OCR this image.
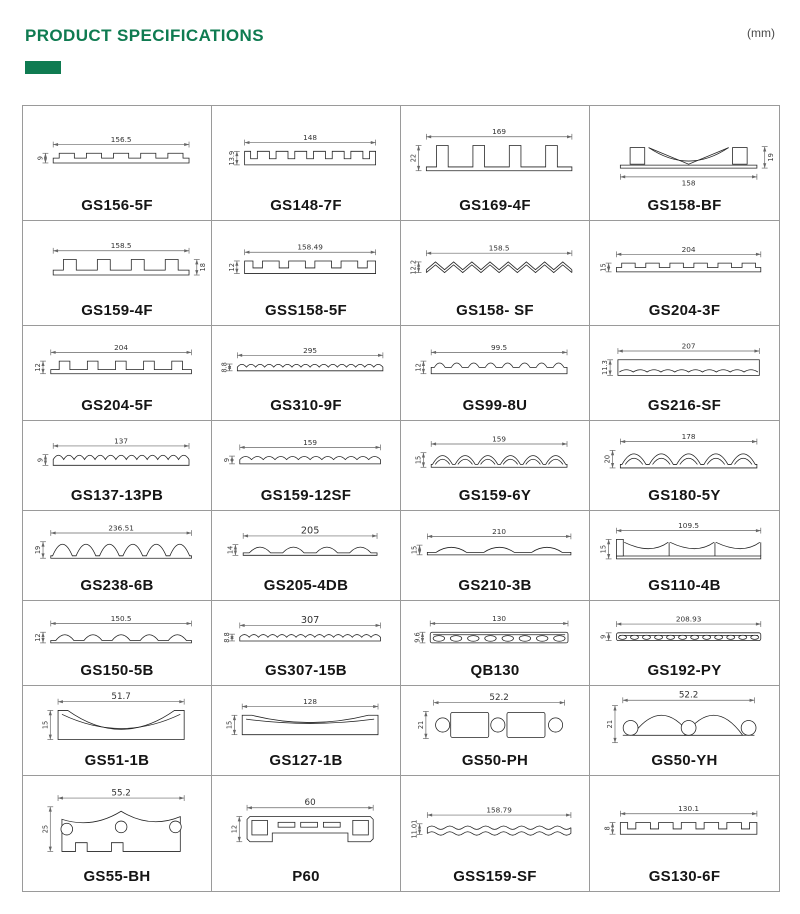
PRODUCT SPECIFICATIONS	(mm)
156.5
9
GS156-5F
148
13.9
GS148-7F
169
22
GS169-4F
158
19
GS158-BF
158.5
18
GS159-4F
158.49
12
GSS158-5F
158.5
12.2
GS158- SF
204
15
GS204-3F
204
12
GS204-5F
295
8.8
GS310-9F
99.5
12
GS99-8U
207
11.3
GS216-SF
137
9
GS137-13PB
159
9
GS159-12SF
159
15
GS159-6Y
178
20
GS180-5Y
236.51
19
GS238-6B
205
14
GS205-4DB
210
15
GS210-3B
109.5
15
GS110-4B
150.5
12
GS150-5B
307
8.8
GS307-15B
130
9.6
QB130
208.93
9
GS192-PY
51.7
15
GS51-1B
128
15
GS127-1B
52.2
21
GS50-PH
52.2
21
GS50-YH
55.2
25
GS55-BH
60
12
P60
158.79
11.01
GSS159-SF
130.1
8
GS130-6F
